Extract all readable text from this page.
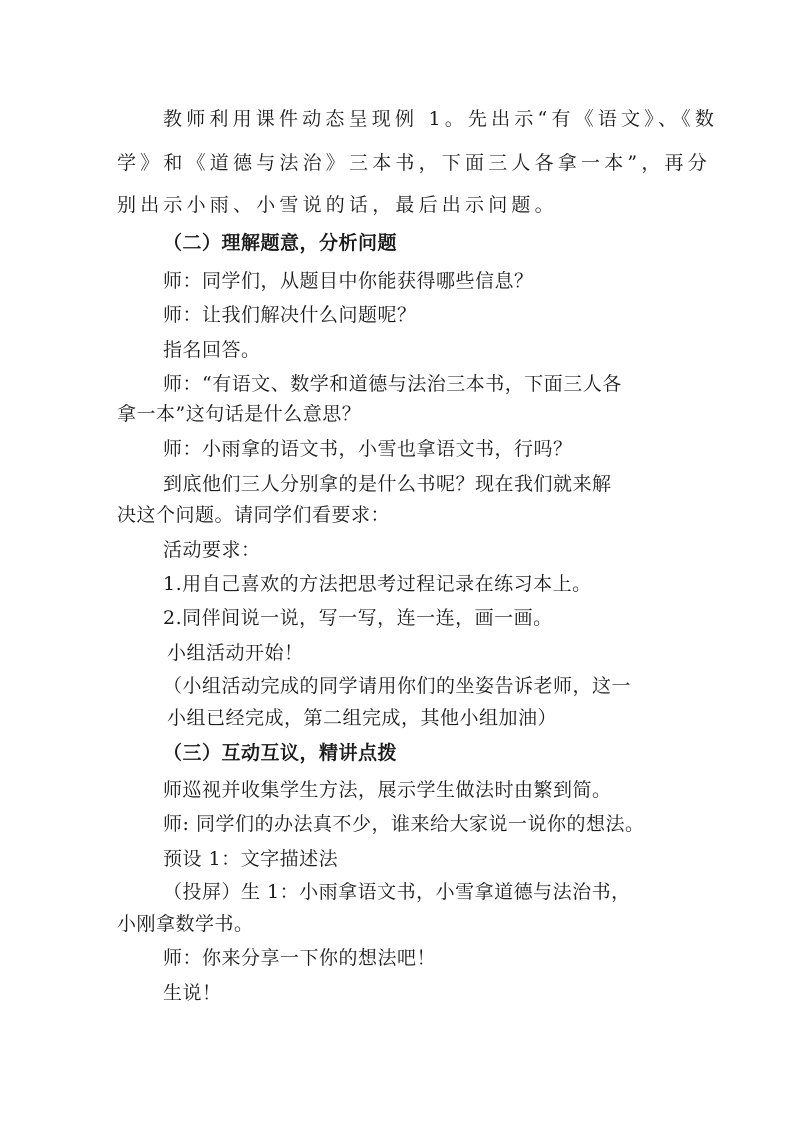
教师利用课件动态呈现例 1。先出示“有《语文》、《数
学》和《道德与法治》三本书，下面三人各拿一本”，再分
别出示小雨、小雪说的话，最后出示问题。
（二）理解题意，分析问题
师：同学们，从题目中你能获得哪些信息？
师：让我们解决什么问题呢？
指名回答。
师：“有语文、数学和道德与法治三本书，下面三人各
拿一本”这句话是什么意思？
师：小雨拿的语文书，小雪也拿语文书，行吗？
到底他们三人分别拿的是什么书呢？现在我们就来解
决这个问题。请同学们看要求：
活动要求：
1.用自己喜欢的方法把思考过程记录在练习本上。
2.同伴间说一说，写一写，连一连，画一画。
小组活动开始！
（小组活动完成的同学请用你们的坐姿告诉老师，这一
小组已经完成，第二组完成，其他小组加油）
（三）互动互议，精讲点拨
师巡视并收集学生方法，展示学生做法时由繁到简。
师: 同学们的办法真不少，谁来给大家说一说你的想法。
预设 1：文字描述法
（投屏）生 1：小雨拿语文书，小雪拿道德与法治书，
小刚拿数学书。
师：你来分享一下你的想法吧！
生说！
